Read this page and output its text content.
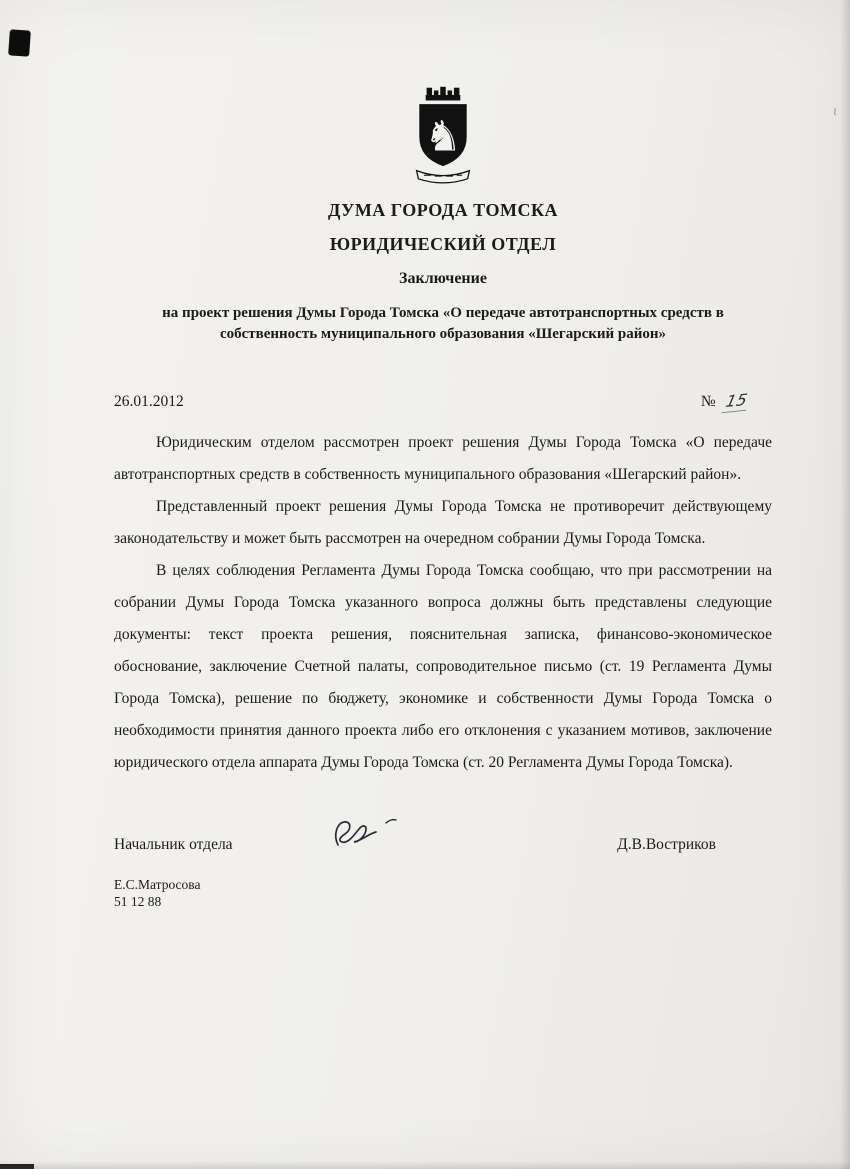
ι
♞
ДУМА ГОРОДА ТОМСКА
ЮРИДИЧЕСКИЙ ОТДЕЛ
Заключение
на проект решения Думы Города Томска «О передаче автотранспортных средств в собственность муниципального образования «Шегарский район»
26.01.2012	№ 15

Юридическим отделом рассмотрен проект решения Думы Города Томска «О передаче автотранспортных средств в собственность муниципального образования «Шегарский район».

Представленный проект решения Думы Города Томска не противоречит действующему законодательству и может быть рассмотрен на очередном собрании Думы Города Томска.

В целях соблюдения Регламента Думы Города Томска сообщаю, что при рассмотрении на собрании Думы Города Томска указанного вопроса должны быть представлены следующие документы: текст проекта решения, пояснительная записка, финансово-экономическое обоснование, заключение Счетной палаты, сопроводительное письмо (ст. 19 Регламента Думы Города Томска), решение по бюджету, экономике и собственности Думы Города Томска о необходимости принятия данного проекта либо его отклонения с указанием мотивов, заключение юридического отдела аппарата Думы Города Томска (ст. 20 Регламента Думы Города Томска).

Начальник отдела	Д.В.Востриков
Е.С.Матросова
51 12 88
